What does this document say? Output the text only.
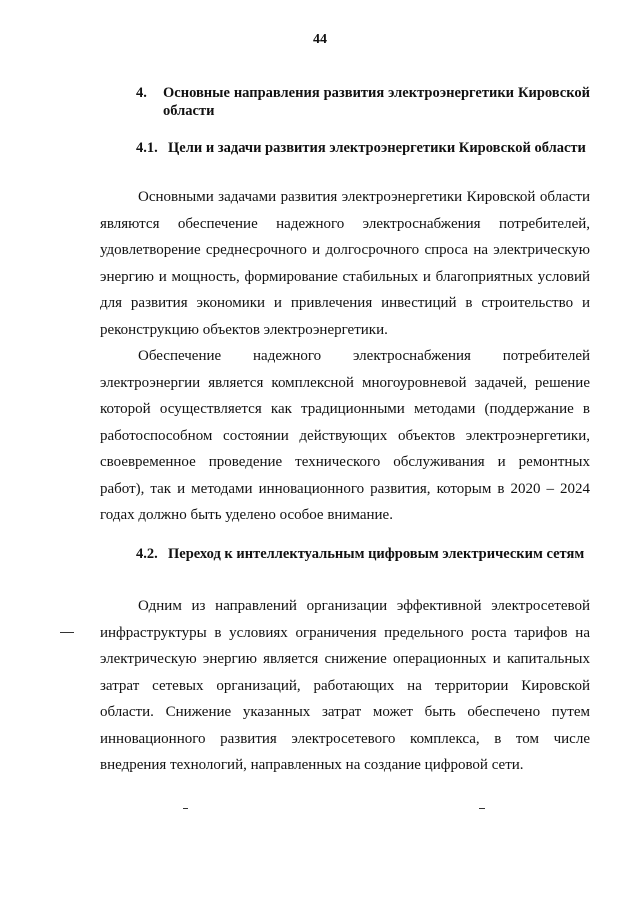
44
4. Основные направления развития электроэнергетики Кировской области
4.1. Цели и задачи развития электроэнергетики Кировской области
Основными задачами развития электроэнергетики Кировской области являются обеспечение надежного электроснабжения потребителей, удовлетворение среднесрочного и долгосрочного спроса на электрическую энергию и мощность, формирование стабильных и благоприятных условий для развития экономики и привлечения инвестиций в строительство и реконструкцию объектов электроэнергетики.
Обеспечение надежного электроснабжения потребителей электроэнергии является комплексной многоуровневой задачей, решение которой осуществляется как традиционными методами (поддержание в работоспособном состоянии действующих объектов электроэнергетики, своевременное проведение технического обслуживания и ремонтных работ), так и методами инновационного развития, которым в 2020 – 2024 годах должно быть уделено особое внимание.
4.2. Переход к интеллектуальным цифровым электрическим сетям
Одним из направлений организации эффективной электросетевой инфраструктуры в условиях ограничения предельного роста тарифов на электрическую энергию является снижение операционных и капитальных затрат сетевых организаций, работающих на территории Кировской области. Снижение указанных затрат может быть обеспечено путем инновационного развития электросетевого комплекса, в том числе внедрения технологий, направленных на создание цифровой сети.
